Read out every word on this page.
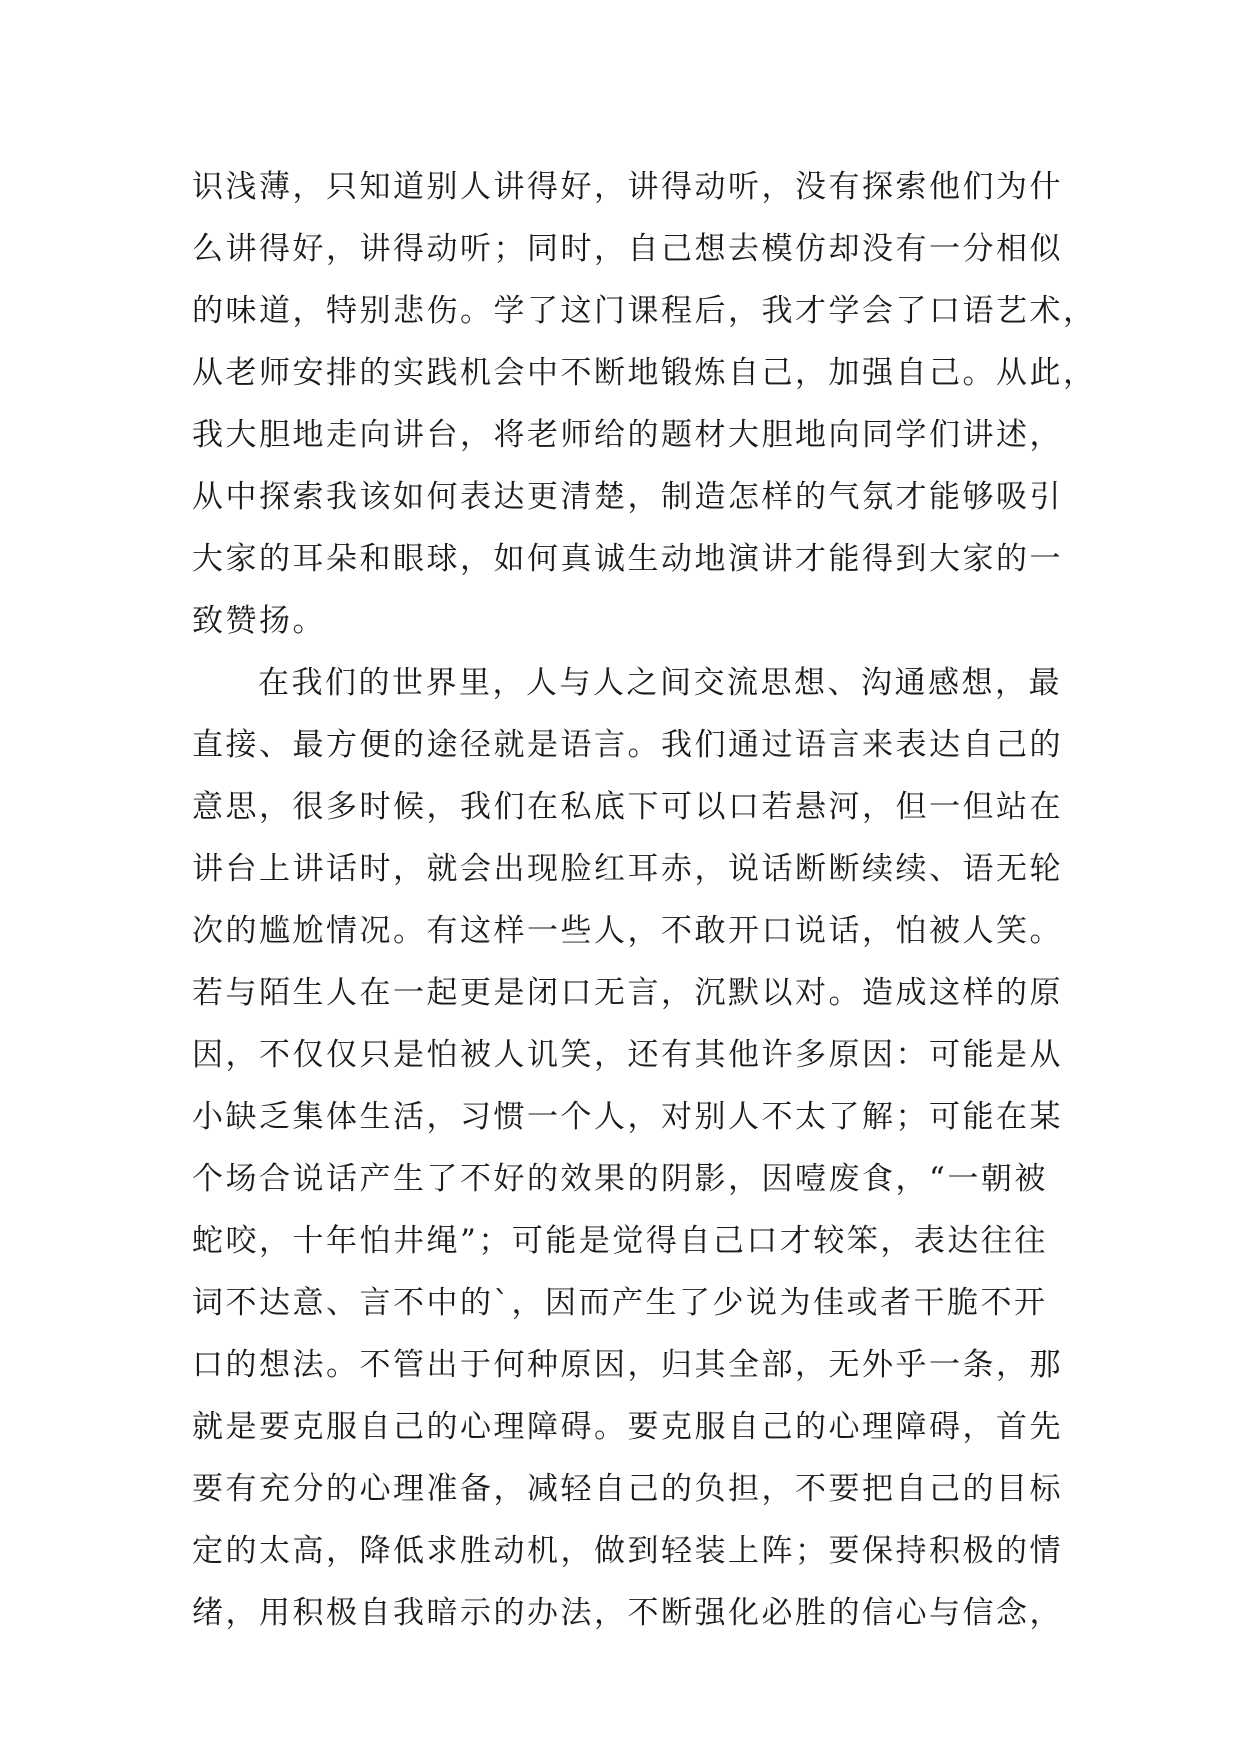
识浅薄，只知道别人讲得好，讲得动听，没有探索他们为什
么讲得好，讲得动听；同时，自己想去模仿却没有一分相似
的味道，特别悲伤。学了这门课程后，我才学会了口语艺术，
从老师安排的实践机会中不断地锻炼自己，加强自己。从此，
我大胆地走向讲台，将老师给的题材大胆地向同学们讲述，
从中探索我该如何表达更清楚，制造怎样的气氛才能够吸引
大家的耳朵和眼球，如何真诚生动地演讲才能得到大家的一
致赞扬。
在我们的世界里，人与人之间交流思想、沟通感想，最
直接、最方便的途径就是语言。我们通过语言来表达自己的
意思，很多时候，我们在私底下可以口若悬河，但一但站在
讲台上讲话时，就会出现脸红耳赤，说话断断续续、语无轮
次的尴尬情况。有这样一些人，不敢开口说话，怕被人笑。
若与陌生人在一起更是闭口无言，沉默以对。造成这样的原
因，不仅仅只是怕被人讥笑，还有其他许多原因：可能是从
小缺乏集体生活，习惯一个人，对别人不太了解；可能在某
个场合说话产生了不好的效果的阴影，因噎废食，“一朝被
蛇咬，十年怕井绳”；可能是觉得自己口才较笨，表达往往
词不达意、言不中的`，因而产生了少说为佳或者干脆不开
口的想法。不管出于何种原因，归其全部，无外乎一条，那
就是要克服自己的心理障碍。要克服自己的心理障碍，首先
要有充分的心理准备，减轻自己的负担，不要把自己的目标
定的太高，降低求胜动机，做到轻装上阵；要保持积极的情
绪，用积极自我暗示的办法，不断强化必胜的信心与信念，
